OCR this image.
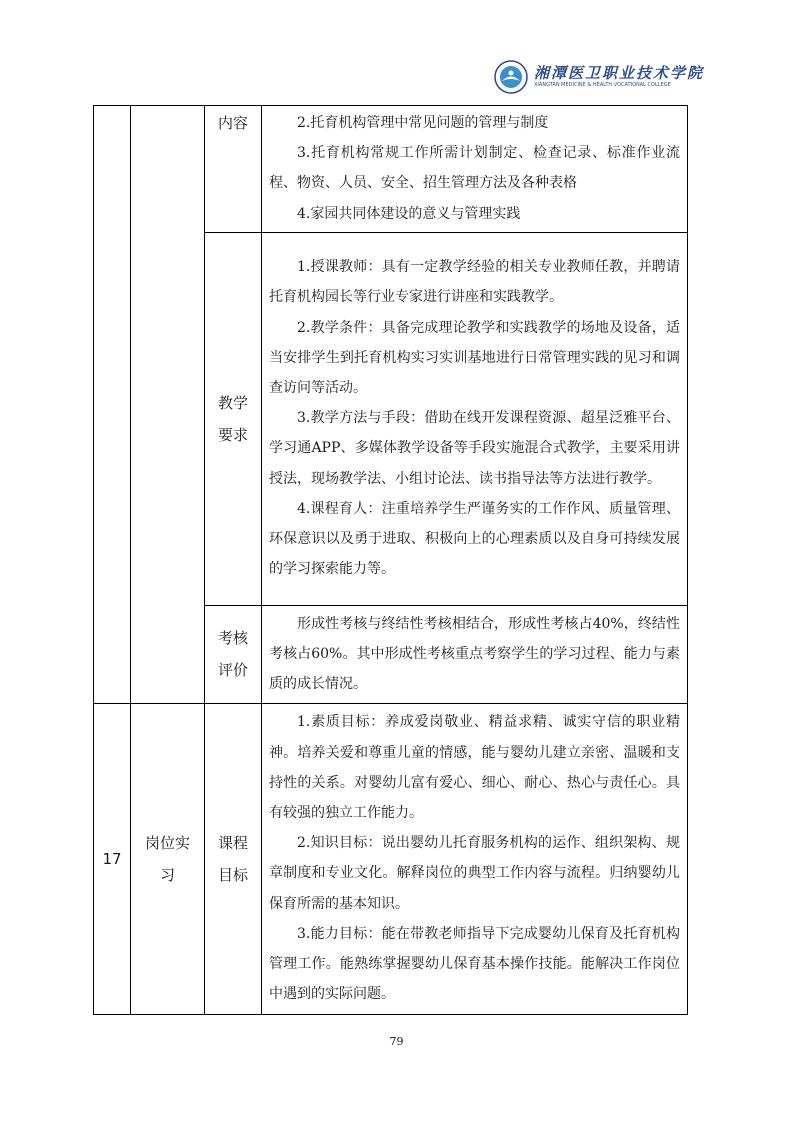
湘潭医卫职业技术学院
XIANGTAN MEDICINE & HEALTH VOCATIONAL COLLEGE
		内容	2.托育机构管理中常见问题的管理与制度

3.托育机构常规工作所需计划制定、检查记录、标准作业流程、物资、人员、安全、招生管理方法及各种表格

4.家园共同体建设的意义与管理实践

		教学要求	1.授课教师：具有一定教学经验的相关专业教师任教，并聘请托育机构园长等行业专家进行讲座和实践教学。

2.教学条件：具备完成理论教学和实践教学的场地及设备，适当安排学生到托育机构实习实训基地进行日常管理实践的见习和调查访问等活动。

3.教学方法与手段：借助在线开发课程资源、超星泛雅平台、学习通APP、多媒体教学设备等手段实施混合式教学，主要采用讲授法，现场教学法、小组讨论法、读书指导法等方法进行教学。

4.课程育人：注重培养学生严谨务实的工作作风、质量管理、环保意识以及勇于进取、积极向上的心理素质以及自身可持续发展的学习探索能力等。

		考核评价	形成性考核与终结性考核相结合，形成性考核占40%，终结性考核占60%。其中形成性考核重点考察学生的学习过程、能力与素质的成长情况。

17	岗位实习	课程目标	1.素质目标：养成爱岗敬业、精益求精、诚实守信的职业精神。培养关爱和尊重儿童的情感，能与婴幼儿建立亲密、温暖和支持性的关系。对婴幼儿富有爱心、细心、耐心、热心与责任心。具有较强的独立工作能力。

2.知识目标：说出婴幼儿托育服务机构的运作、组织架构、规章制度和专业文化。解释岗位的典型工作内容与流程。归纳婴幼儿保育所需的基本知识。

3.能力目标：能在带教老师指导下完成婴幼儿保育及托育机构管理工作。能熟练掌握婴幼儿保育基本操作技能。能解决工作岗位中遇到的实际问题。

79
